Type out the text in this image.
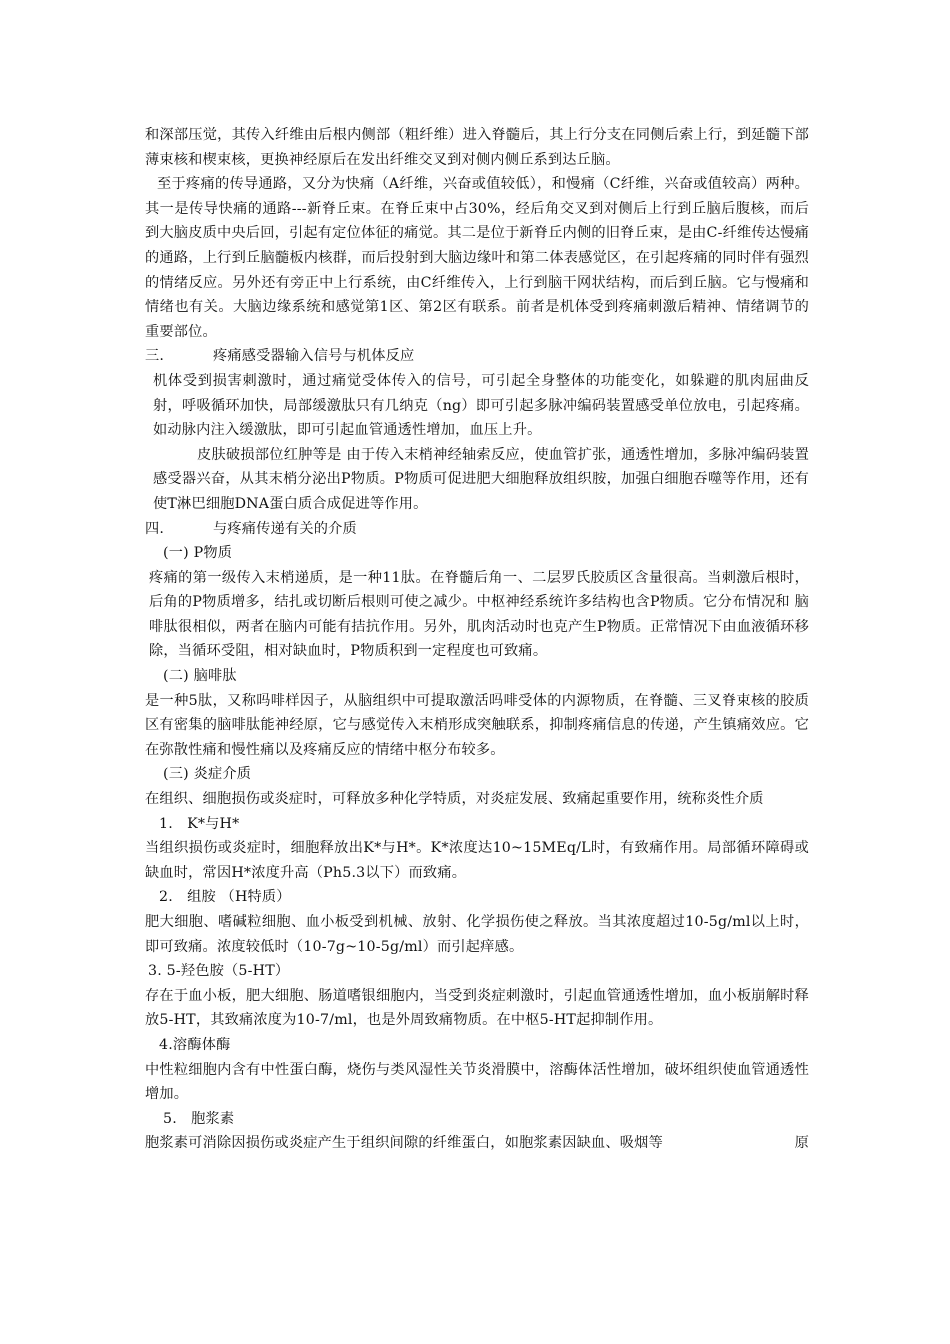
和深部压觉，其传入纤维由后根内侧部（粗纤维）进入脊髓后，其上行分支在同侧后索上行，到延髓下部薄束核和楔束核，更换神经原后在发出纤维交叉到对侧内侧丘系到达丘脑。

至于疼痛的传导通路，又分为快痛（A纤维，兴奋或值较低），和慢痛（C纤维，兴奋或值较高）两种。其一是传导快痛的通路---新脊丘束。在脊丘束中占30%，经后角交叉到对侧后上行到丘脑后腹核，而后到大脑皮质中央后回，引起有定位体征的痛觉。其二是位于新脊丘内侧的旧脊丘束，是由C-纤维传达慢痛的通路，上行到丘脑髓板内核群，而后投射到大脑边缘叶和第二体表感觉区，在引起疼痛的同时伴有强烈的情绪反应。另外还有旁正中上行系统，由C纤维传入，上行到脑干网状结构，而后到丘脑。它与慢痛和情绪也有关。大脑边缘系统和感觉第1区、第2区有联系。前者是机体受到疼痛刺激后精神、情绪调节的重要部位。

三.	疼痛感受器输入信号与机体反应

机体受到损害刺激时，通过痛觉受体传入的信号，可引起全身整体的功能变化，如躲避的肌肉屈曲反射，呼吸循环加快，局部缓激肽只有几纳克（ng）即可引起多脉冲编码装置感受单位放电，引起疼痛。如动脉内注入缓激肽，即可引起血管通透性增加，血压上升。

皮肤破损部位红肿等是 由于传入末梢神经轴索反应，使血管扩张，通透性增加，多脉冲编码装置感受器兴奋，从其末梢分泌出P物质。P物质可促进肥大细胞释放组织胺，加强白细胞吞噬等作用，还有使T淋巴细胞DNA蛋白质合成促进等作用。

四.	与疼痛传递有关的介质

(一) P物质

疼痛的第一级传入末梢递质，是一种11肽。在脊髓后角一、二层罗氏胶质区含量很高。当刺激后根时，后角的P物质增多，结扎或切断后根则可使之减少。中枢神经系统许多结构也含P物质。它分布情况和 脑啡肽很相似，两者在脑内可能有拮抗作用。另外，肌肉活动时也克产生P物质。正常情况下由血液循环移除，当循环受阻，相对缺血时，P物质积到一定程度也可致痛。

(二) 脑啡肽

是一种5肽，又称吗啡样因子，从脑组织中可提取激活吗啡受体的内源物质，在脊髓、三叉脊束核的胶质区有密集的脑啡肽能神经原，它与感觉传入末梢形成突触联系，抑制疼痛信息的传递，产生镇痛效应。它在弥散性痛和慢性痛以及疼痛反应的情绪中枢分布较多。

(三) 炎症介质

在组织、细胞损伤或炎症时，可释放多种化学特质，对炎症发展、致痛起重要作用，统称炎性介质

1.   K*与H*

当组织损伤或炎症时，细胞释放出K*与H*。K*浓度达10~15MEq/L时，有致痛作用。局部循环障碍或缺血时，常因H*浓度升高（Ph5.3以下）而致痛。

2.   组胺 （H特质）

肥大细胞、嗜碱粒细胞、血小板受到机械、放射、化学损伤使之释放。当其浓度超过10-5g/ml以上时，即可致痛。浓度较低时（10-7g~10-5g/ml）而引起痒感。

3. 5-羟色胺（5-HT）

存在于血小板，肥大细胞、肠道嗜银细胞内，当受到炎症刺激时，引起血管通透性增加，血小板崩解时释放5-HT，其致痛浓度为10-7/ml，也是外周致痛物质。在中枢5-HT起抑制作用。

4.溶酶体酶

中性粒细胞内含有中性蛋白酶，烧伤与类风湿性关节炎滑膜中，溶酶体活性增加，破坏组织使血管通透性增加。

5.   胞浆素

胞浆素可消除因损伤或炎症产生于组织间隙的纤维蛋白，如胞浆素因缺血、吸烟等	原
